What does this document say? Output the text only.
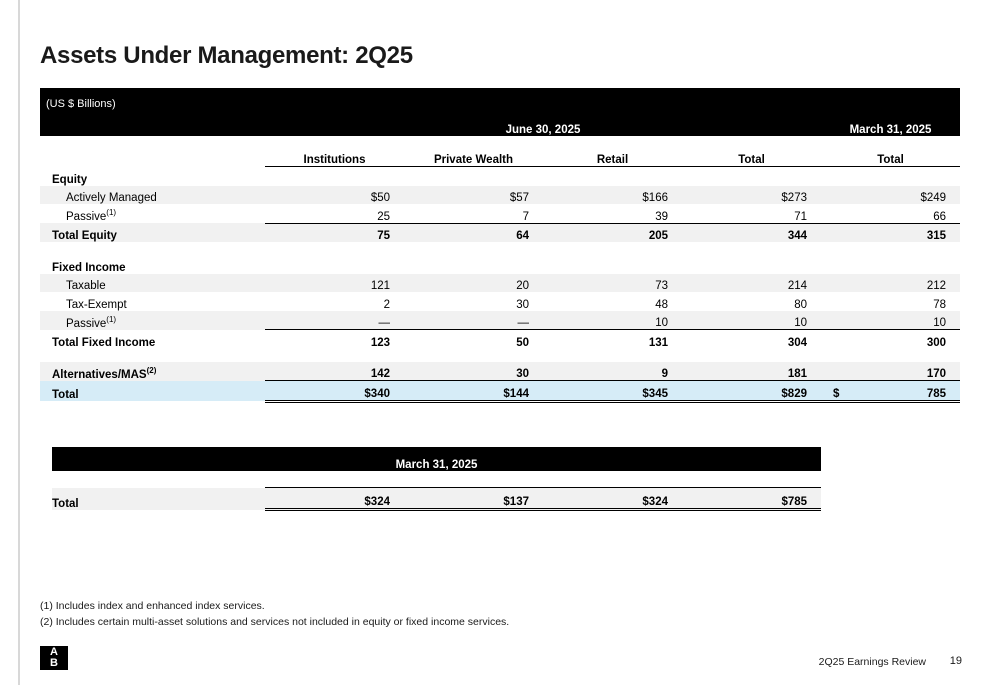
Assets Under Management: 2Q25
(US $ Billions)					
	June 30, 2025				March 31, 2025
	Institutions	Private Wealth	Retail	Total	Total
Equity					
Actively Managed	$50	$57	$166	$273	$249
Passive$^{(1)}$	25	7	39	71	66
Total Equity	75	64	205	344	315

Fixed Income					
Taxable	121	20	73	214	212
Tax-Exempt	2	30	48	80	78
Passive$^{(1)}$	—	—	10	10	10
Total Fixed Income	123	50	131	304	300

Alternatives/MAS$^{(2)}$	142	30	9	181	170
Total	$340	$144	$345	$829	$ 785
March 31, 2025					

Total	$324	$137	$324	$785	
(1) Includes index and enhanced index services.
(2) Includes certain multi-asset solutions and services not included in equity or fixed income services.
A
B	2Q25 Earnings Review 19
